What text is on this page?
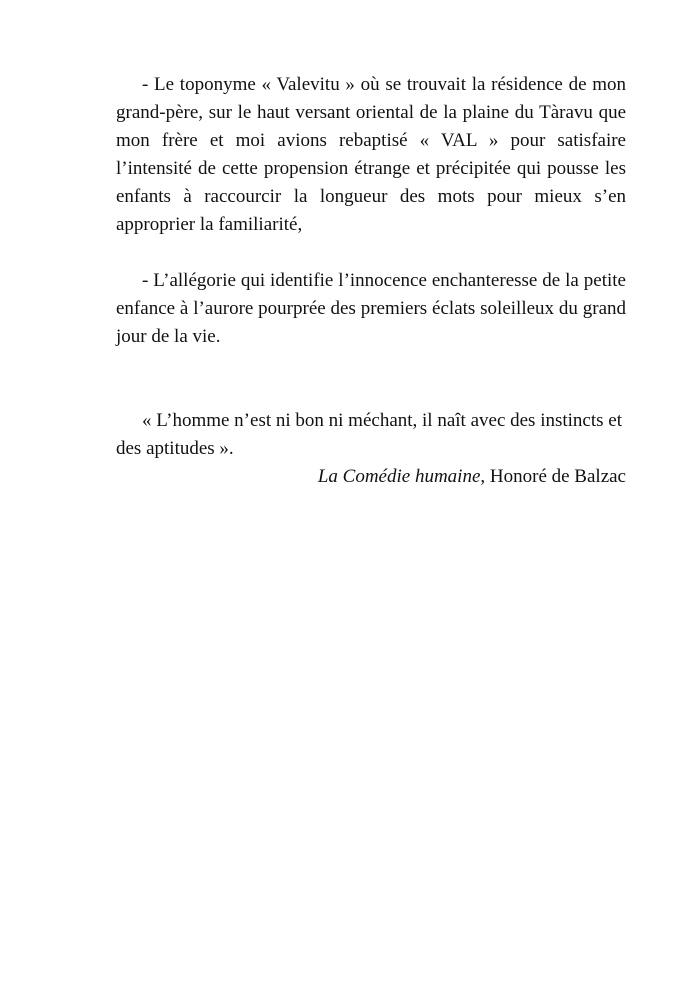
- Le toponyme « Valevitu » où se trouvait la résidence de mon grand-père, sur le haut versant oriental de la plaine du Tàravu que mon frère et moi avions rebaptisé « VAL » pour satisfaire l’intensité de cette propension étrange et précipitée qui pousse les enfants à raccourcir la longueur des mots pour mieux s’en approprier la familiarité,

- L’allégorie qui identifie l’innocence enchanteresse de la petite enfance à l’aurore pourprée des premiers éclats soleilleux du grand jour de la vie.

« L’homme n’est ni bon ni méchant, il naît avec des instincts et des aptitudes ».

La Comédie humaine, Honoré de Balzac
